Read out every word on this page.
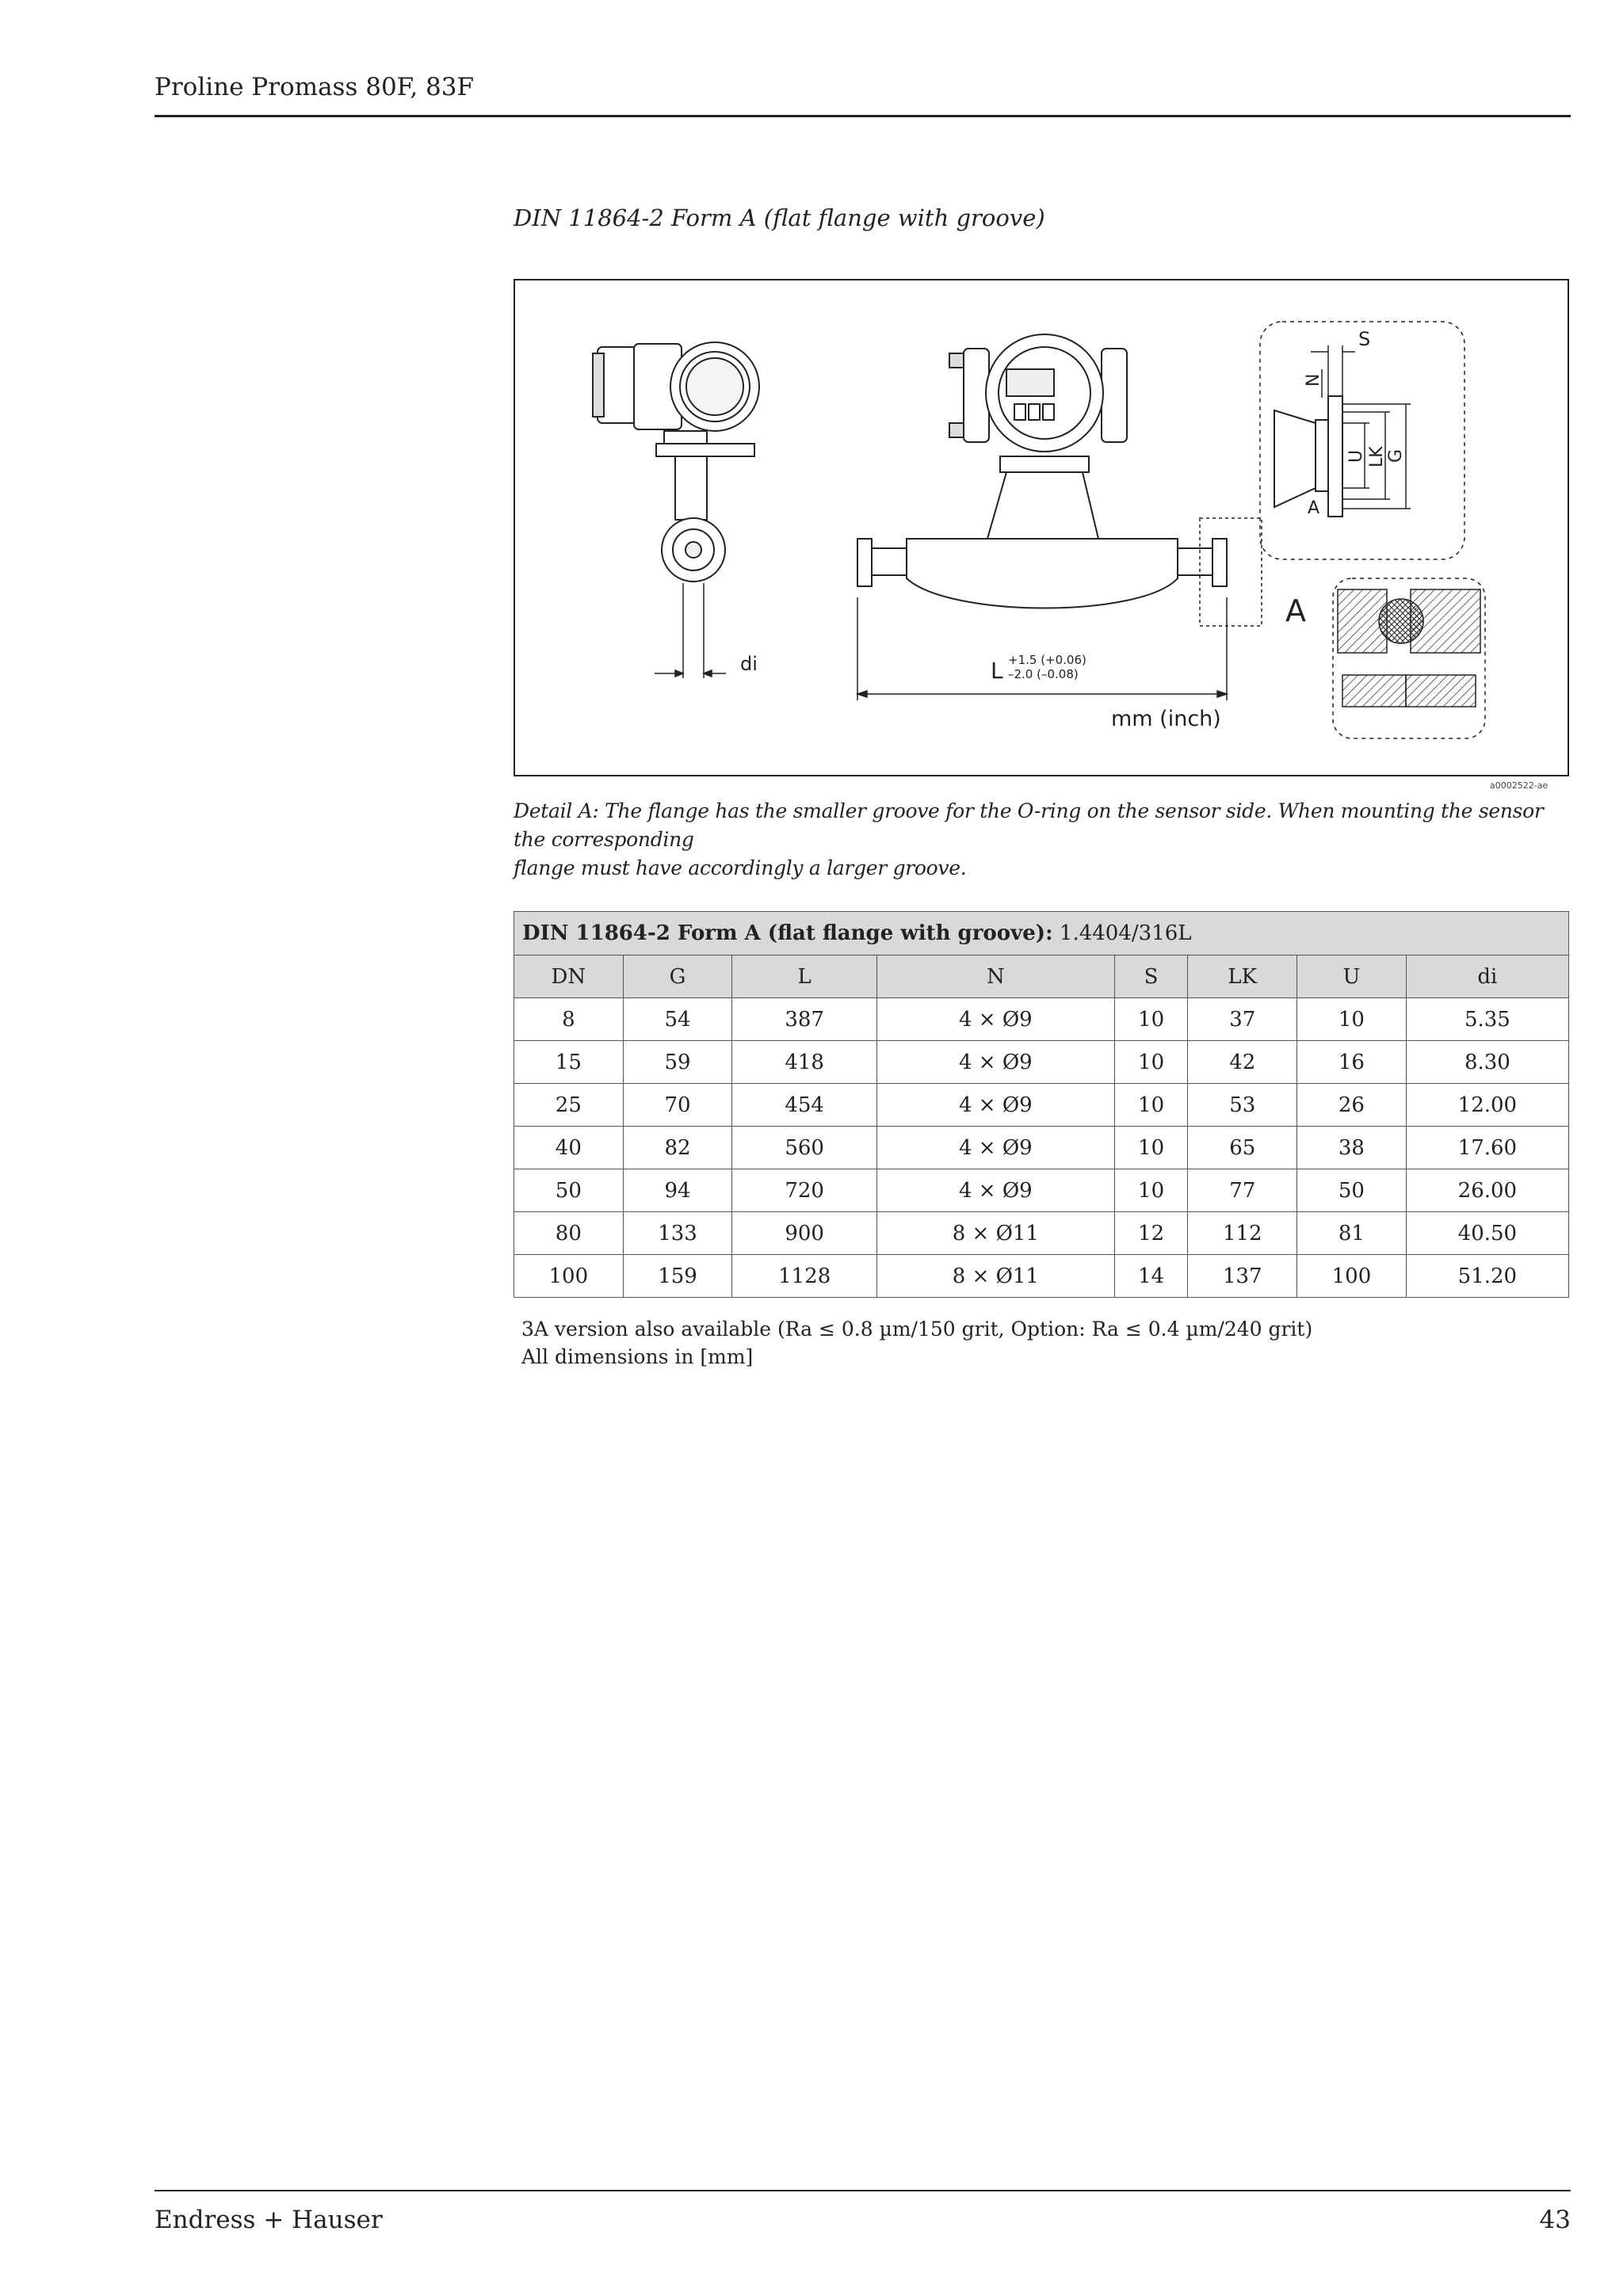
Proline Promass 80F, 83F
DIN 11864-2 Form A (flat flange with groove)
di	L +1.5 (+0.06)
–2.0 (–0.08)
mm (inch)
S
N
U LK G
A
A
a0002522-ae
Detail A: The flange has the smaller groove for the O-ring on the sensor side. When mounting the sensor the corresponding
flange must have accordingly a larger groove.
DIN 11864-2 Form A (flat flange with groove): 1.4404/316L							
DN	G	L	N	S	LK	U	di
8	54	387	4 × Ø9	10	37	10	5.35
15	59	418	4 × Ø9	10	42	16	8.30
25	70	454	4 × Ø9	10	53	26	12.00
40	82	560	4 × Ø9	10	65	38	17.60
50	94	720	4 × Ø9	10	77	50	26.00
80	133	900	8 × Ø11	12	112	81	40.50
100	159	1128	8 × Ø11	14	137	100	51.20
3A version also available (Ra ≤ 0.8 µm/150 grit, Option: Ra ≤ 0.4 µm/240 grit)
All dimensions in [mm]
Endress + Hauser	43
